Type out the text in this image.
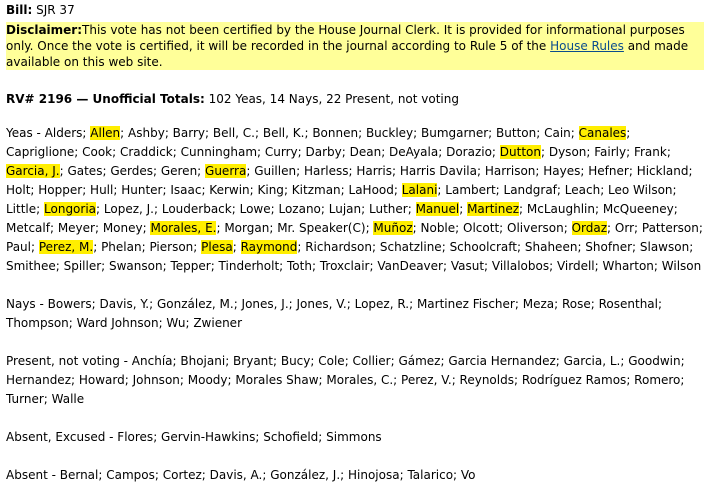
Bill: SJR 37
Disclaimer:This vote has not been certified by the House Journal Clerk. It is provided for informational purposes only. Once the vote is certified, it will be recorded in the journal according to Rule 5 of the House Rules and made available on this web site.
RV# 2196 — Unofficial Totals: 102 Yeas, 14 Nays, 22 Present, not voting
Yeas - Alders; Allen; Ashby; Barry; Bell, C.; Bell, K.; Bonnen; Buckley; Bumgarner; Button; Cain; Canales; Capriglione; Cook; Craddick; Cunningham; Curry; Darby; Dean; DeAyala; Dorazio; Dutton; Dyson; Fairly; Frank; Garcia, J.; Gates; Gerdes; Geren; Guerra; Guillen; Harless; Harris; Harris Davila; Harrison; Hayes; Hefner; Hickland; Holt; Hopper; Hull; Hunter; Isaac; Kerwin; King; Kitzman; LaHood; Lalani; Lambert; Landgraf; Leach; Leo Wilson; Little; Longoria; Lopez, J.; Louderback; Lowe; Lozano; Lujan; Luther; Manuel; Martinez; McLaughlin; McQueeney; Metcalf; Meyer; Money; Morales, E.; Morgan; Mr. Speaker(C); Muñoz; Noble; Olcott; Oliverson; Ordaz; Orr; Patterson; Paul; Perez, M.; Phelan; Pierson; Plesa; Raymond; Richardson; Schatzline; Schoolcraft; Shaheen; Shofner; Slawson; Smithee; Spiller; Swanson; Tepper; Tinderholt; Toth; Troxclair; VanDeaver; Vasut; Villalobos; Virdell; Wharton; Wilson
Nays - Bowers; Davis, Y.; González, M.; Jones, J.; Jones, V.; Lopez, R.; Martinez Fischer; Meza; Rose; Rosenthal; Thompson; Ward Johnson; Wu; Zwiener
Present, not voting - Anchía; Bhojani; Bryant; Bucy; Cole; Collier; Gámez; Garcia Hernandez; Garcia, L.; Goodwin; Hernandez; Howard; Johnson; Moody; Morales Shaw; Morales, C.; Perez, V.; Reynolds; Rodríguez Ramos; Romero; Turner; Walle
Absent, Excused - Flores; Gervin-Hawkins; Schofield; Simmons
Absent - Bernal; Campos; Cortez; Davis, A.; González, J.; Hinojosa; Talarico; Vo
